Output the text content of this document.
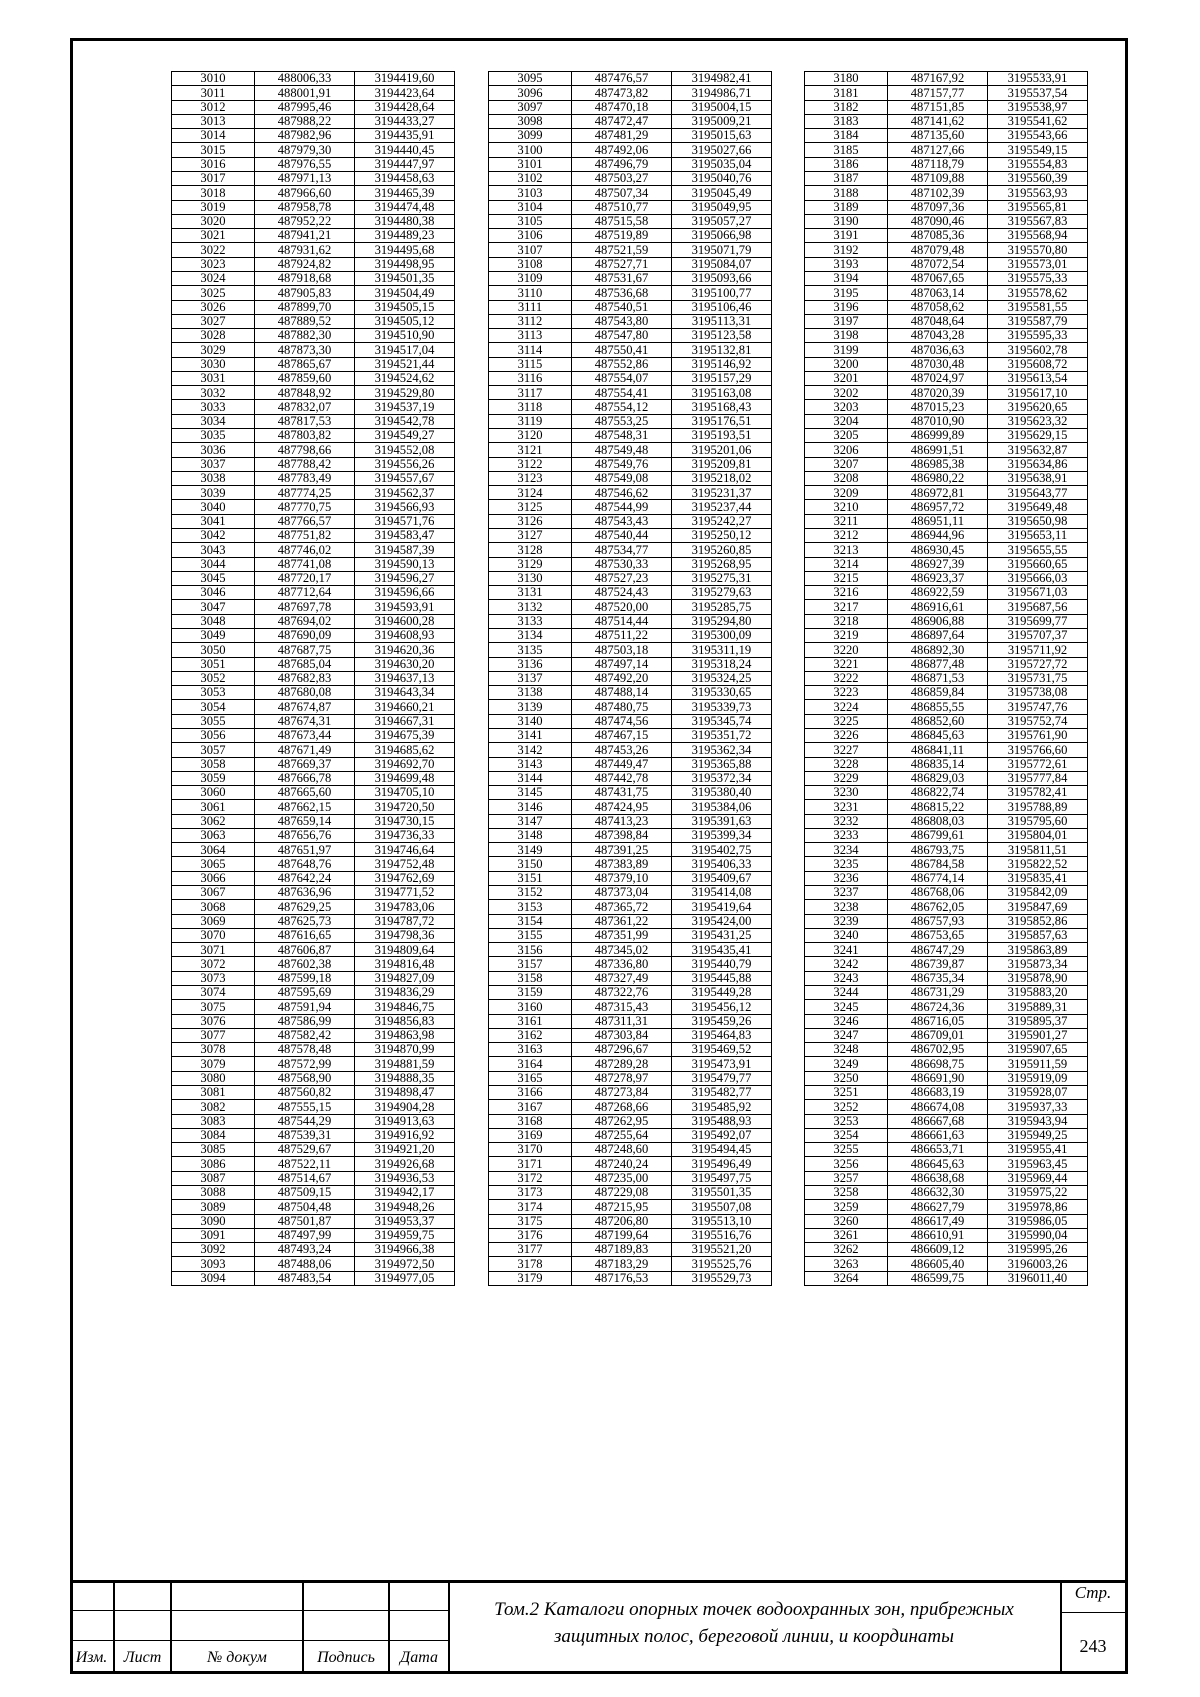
3010	488006,33	3194419,60
3011	488001,91	3194423,64
3012	487995,46	3194428,64
3013	487988,22	3194433,27
3014	487982,96	3194435,91
3015	487979,30	3194440,45
3016	487976,55	3194447,97
3017	487971,13	3194458,63
3018	487966,60	3194465,39
3019	487958,78	3194474,48
3020	487952,22	3194480,38
3021	487941,21	3194489,23
3022	487931,62	3194495,68
3023	487924,82	3194498,95
3024	487918,68	3194501,35
3025	487905,83	3194504,49
3026	487899,70	3194505,15
3027	487889,52	3194505,12
3028	487882,30	3194510,90
3029	487873,30	3194517,04
3030	487865,67	3194521,44
3031	487859,60	3194524,62
3032	487848,92	3194529,80
3033	487832,07	3194537,19
3034	487817,53	3194542,78
3035	487803,82	3194549,27
3036	487798,66	3194552,08
3037	487788,42	3194556,26
3038	487783,49	3194557,67
3039	487774,25	3194562,37
3040	487770,75	3194566,93
3041	487766,57	3194571,76
3042	487751,82	3194583,47
3043	487746,02	3194587,39
3044	487741,08	3194590,13
3045	487720,17	3194596,27
3046	487712,64	3194596,66
3047	487697,78	3194593,91
3048	487694,02	3194600,28
3049	487690,09	3194608,93
3050	487687,75	3194620,36
3051	487685,04	3194630,20
3052	487682,83	3194637,13
3053	487680,08	3194643,34
3054	487674,87	3194660,21
3055	487674,31	3194667,31
3056	487673,44	3194675,39
3057	487671,49	3194685,62
3058	487669,37	3194692,70
3059	487666,78	3194699,48
3060	487665,60	3194705,10
3061	487662,15	3194720,50
3062	487659,14	3194730,15
3063	487656,76	3194736,33
3064	487651,97	3194746,64
3065	487648,76	3194752,48
3066	487642,24	3194762,69
3067	487636,96	3194771,52
3068	487629,25	3194783,06
3069	487625,73	3194787,72
3070	487616,65	3194798,36
3071	487606,87	3194809,64
3072	487602,38	3194816,48
3073	487599,18	3194827,09
3074	487595,69	3194836,29
3075	487591,94	3194846,75
3076	487586,99	3194856,83
3077	487582,42	3194863,98
3078	487578,48	3194870,99
3079	487572,99	3194881,59
3080	487568,90	3194888,35
3081	487560,82	3194898,47
3082	487555,15	3194904,28
3083	487544,29	3194913,63
3084	487539,31	3194916,92
3085	487529,67	3194921,20
3086	487522,11	3194926,68
3087	487514,67	3194936,53
3088	487509,15	3194942,17
3089	487504,48	3194948,26
3090	487501,87	3194953,37
3091	487497,99	3194959,75
3092	487493,24	3194966,38
3093	487488,06	3194972,50
3094	487483,54	3194977,05
3095	487476,57	3194982,41
3096	487473,82	3194986,71
3097	487470,18	3195004,15
3098	487472,47	3195009,21
3099	487481,29	3195015,63
3100	487492,06	3195027,66
3101	487496,79	3195035,04
3102	487503,27	3195040,76
3103	487507,34	3195045,49
3104	487510,77	3195049,95
3105	487515,58	3195057,27
3106	487519,89	3195066,98
3107	487521,59	3195071,79
3108	487527,71	3195084,07
3109	487531,67	3195093,66
3110	487536,68	3195100,77
3111	487540,51	3195106,46
3112	487543,80	3195113,31
3113	487547,80	3195123,58
3114	487550,41	3195132,81
3115	487552,86	3195146,92
3116	487554,07	3195157,29
3117	487554,41	3195163,08
3118	487554,12	3195168,43
3119	487553,25	3195176,51
3120	487548,31	3195193,51
3121	487549,48	3195201,06
3122	487549,76	3195209,81
3123	487549,08	3195218,02
3124	487546,62	3195231,37
3125	487544,99	3195237,44
3126	487543,43	3195242,27
3127	487540,44	3195250,12
3128	487534,77	3195260,85
3129	487530,33	3195268,95
3130	487527,23	3195275,31
3131	487524,43	3195279,63
3132	487520,00	3195285,75
3133	487514,44	3195294,80
3134	487511,22	3195300,09
3135	487503,18	3195311,19
3136	487497,14	3195318,24
3137	487492,20	3195324,25
3138	487488,14	3195330,65
3139	487480,75	3195339,73
3140	487474,56	3195345,74
3141	487467,15	3195351,72
3142	487453,26	3195362,34
3143	487449,47	3195365,88
3144	487442,78	3195372,34
3145	487431,75	3195380,40
3146	487424,95	3195384,06
3147	487413,23	3195391,63
3148	487398,84	3195399,34
3149	487391,25	3195402,75
3150	487383,89	3195406,33
3151	487379,10	3195409,67
3152	487373,04	3195414,08
3153	487365,72	3195419,64
3154	487361,22	3195424,00
3155	487351,99	3195431,25
3156	487345,02	3195435,41
3157	487336,80	3195440,79
3158	487327,49	3195445,88
3159	487322,76	3195449,28
3160	487315,43	3195456,12
3161	487311,31	3195459,26
3162	487303,84	3195464,83
3163	487296,67	3195469,52
3164	487289,28	3195473,91
3165	487278,97	3195479,77
3166	487273,84	3195482,77
3167	487268,66	3195485,92
3168	487262,95	3195488,93
3169	487255,64	3195492,07
3170	487248,60	3195494,45
3171	487240,24	3195496,49
3172	487235,00	3195497,75
3173	487229,08	3195501,35
3174	487215,95	3195507,08
3175	487206,80	3195513,10
3176	487199,64	3195516,76
3177	487189,83	3195521,20
3178	487183,29	3195525,76
3179	487176,53	3195529,73
3180	487167,92	3195533,91
3181	487157,77	3195537,54
3182	487151,85	3195538,97
3183	487141,62	3195541,62
3184	487135,60	3195543,66
3185	487127,66	3195549,15
3186	487118,79	3195554,83
3187	487109,88	3195560,39
3188	487102,39	3195563,93
3189	487097,36	3195565,81
3190	487090,46	3195567,83
3191	487085,36	3195568,94
3192	487079,48	3195570,80
3193	487072,54	3195573,01
3194	487067,65	3195575,33
3195	487063,14	3195578,62
3196	487058,62	3195581,55
3197	487048,64	3195587,79
3198	487043,28	3195595,33
3199	487036,63	3195602,78
3200	487030,48	3195608,72
3201	487024,97	3195613,54
3202	487020,39	3195617,10
3203	487015,23	3195620,65
3204	487010,90	3195623,32
3205	486999,89	3195629,15
3206	486991,51	3195632,87
3207	486985,38	3195634,86
3208	486980,22	3195638,91
3209	486972,81	3195643,77
3210	486957,72	3195649,48
3211	486951,11	3195650,98
3212	486944,96	3195653,11
3213	486930,45	3195655,55
3214	486927,39	3195660,65
3215	486923,37	3195666,03
3216	486922,59	3195671,03
3217	486916,61	3195687,56
3218	486906,88	3195699,77
3219	486897,64	3195707,37
3220	486892,30	3195711,92
3221	486877,48	3195727,72
3222	486871,53	3195731,75
3223	486859,84	3195738,08
3224	486855,55	3195747,76
3225	486852,60	3195752,74
3226	486845,63	3195761,90
3227	486841,11	3195766,60
3228	486835,14	3195772,61
3229	486829,03	3195777,84
3230	486822,74	3195782,41
3231	486815,22	3195788,89
3232	486808,03	3195795,60
3233	486799,61	3195804,01
3234	486793,75	3195811,51
3235	486784,58	3195822,52
3236	486774,14	3195835,41
3237	486768,06	3195842,09
3238	486762,05	3195847,69
3239	486757,93	3195852,86
3240	486753,65	3195857,63
3241	486747,29	3195863,89
3242	486739,87	3195873,34
3243	486735,34	3195878,90
3244	486731,29	3195883,20
3245	486724,36	3195889,31
3246	486716,05	3195895,37
3247	486709,01	3195901,27
3248	486702,95	3195907,65
3249	486698,75	3195911,59
3250	486691,90	3195919,09
3251	486683,19	3195928,07
3252	486674,08	3195937,33
3253	486667,68	3195943,94
3254	486661,63	3195949,25
3255	486653,71	3195955,41
3256	486645,63	3195963,45
3257	486638,68	3195969,44
3258	486632,30	3195975,22
3259	486627,79	3195978,86
3260	486617,49	3195986,05
3261	486610,91	3195990,04
3262	486609,12	3195995,26
3263	486605,40	3196003,26
3264	486599,75	3196011,40
Изм.	Лист	№ докум	Подпись	Дата
Том.2 Каталоги опорных точек водоохранных зон, прибрежных защитных полос, береговой линии, и координаты
Стр.
243
